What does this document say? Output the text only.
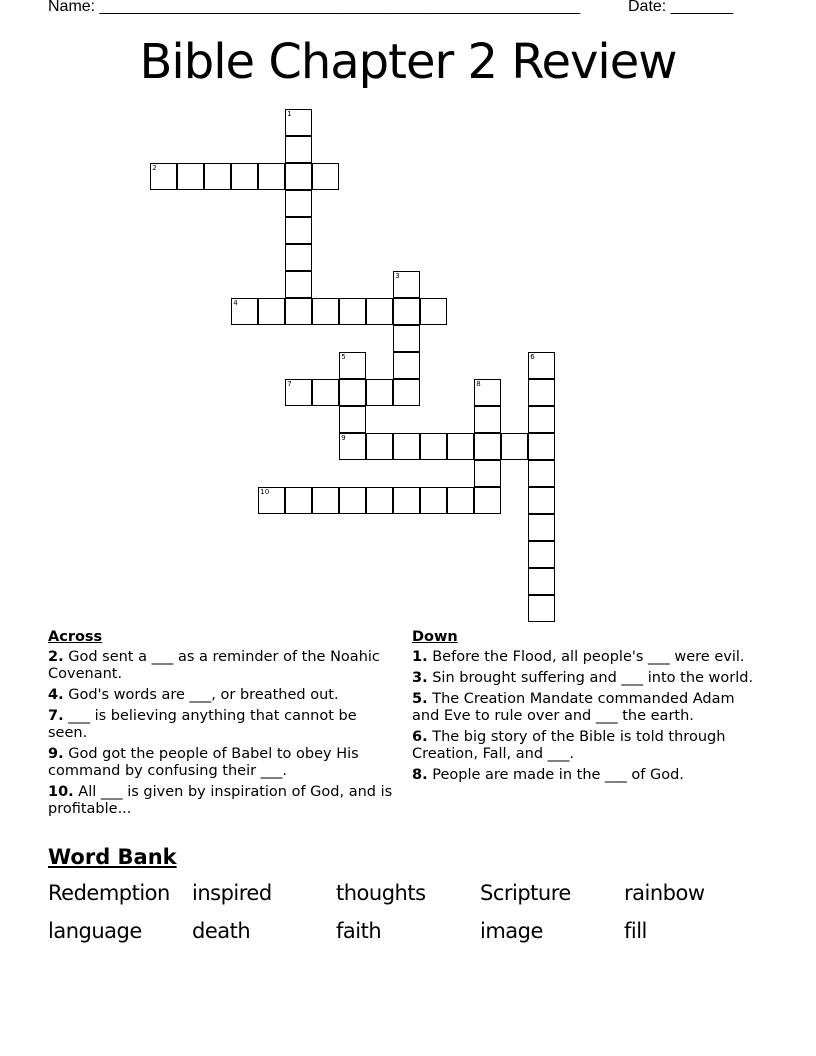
Name: ______________________________________________________	Date: _______
Bible Chapter 2 Review
1
2
3
4
5
9
6
7	8
10
Across
2. God sent a ___ as a reminder of the Noahic Covenant.
4. God's words are ___, or breathed out.
7. ___ is believing anything that cannot be seen.
9. God got the people of Babel to obey His command by confusing their ___.
10. All ___ is given by inspiration of God, and is profitable...
Down
1. Before the Flood, all people's ___ were evil.
3. Sin brought suffering and ___ into the world.
5. The Creation Mandate commanded Adam and Eve to rule over and ___ the earth.
6. The big story of the Bible is told through Creation, Fall, and ___.
8. People are made in the ___ of God.
Word Bank
Redemption	inspired	thoughts	Scripture	rainbow
language	death	faith	image	fill
